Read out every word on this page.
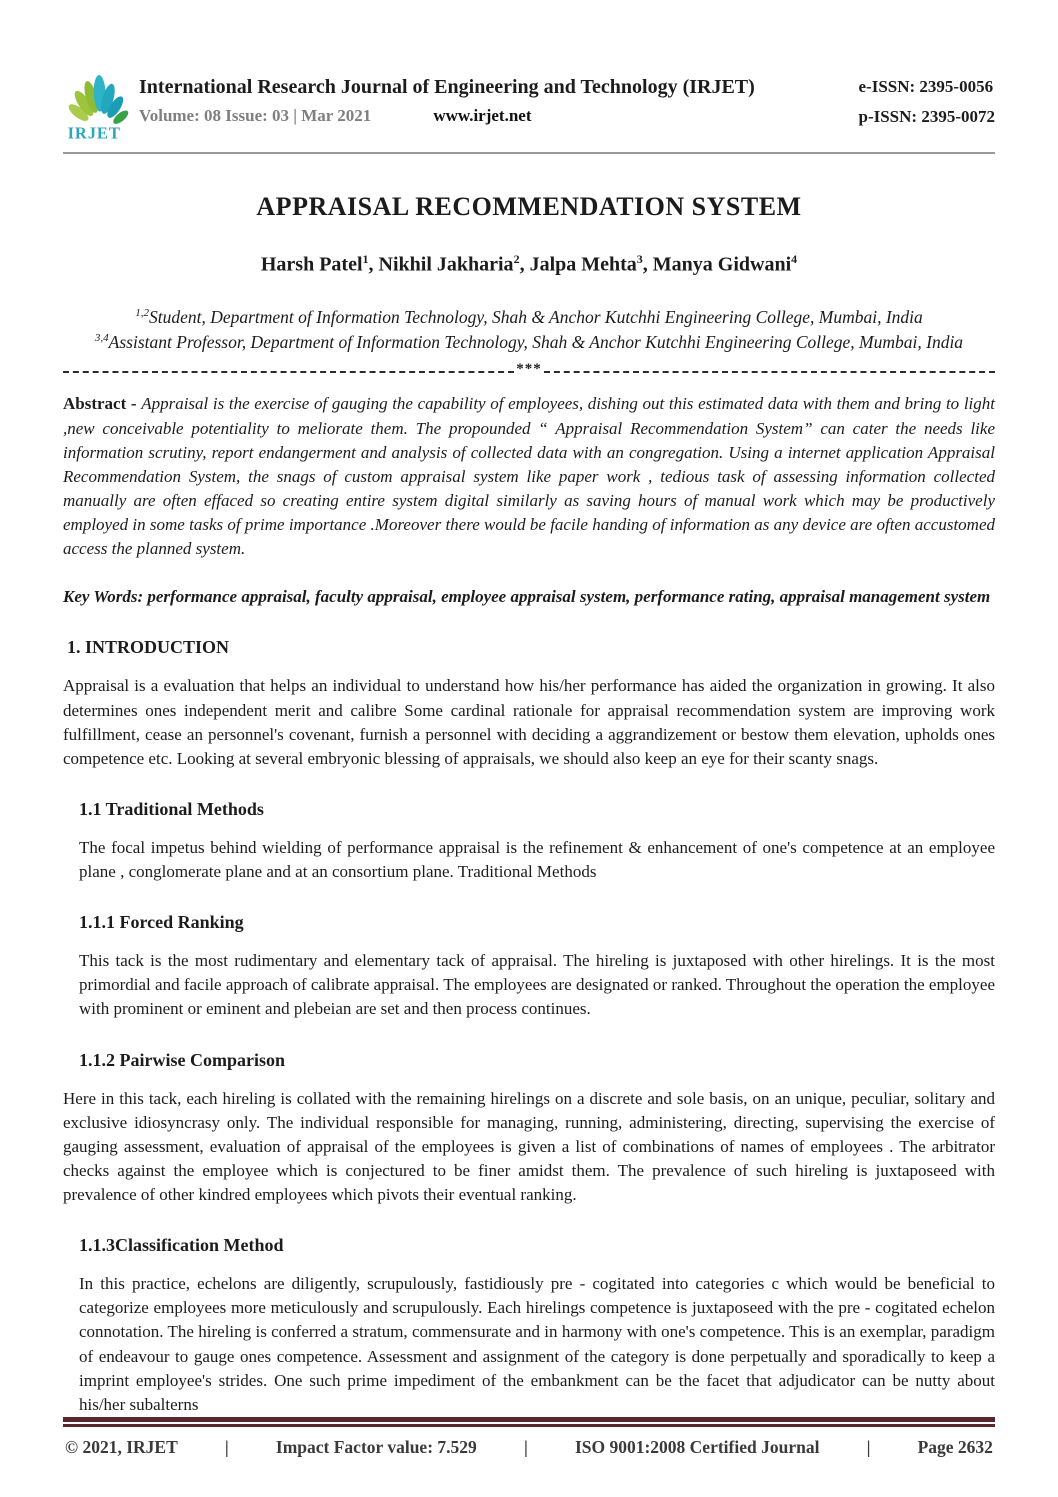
IRJET
International Research Journal of Engineering and Technology (IRJET)
Volume: 08 Issue: 03 | Mar 2021	www.irjet.net
e-ISSN: 2395-0056
p-ISSN: 2395-0072
APPRAISAL RECOMMENDATION SYSTEM
Harsh Patel$^1$, Nikhil Jakharia$^2$, Jalpa Mehta$^3$, Manya Gidwani$^4$
$^{1,2}$Student, Department of Information Technology, Shah & Anchor Kutchhi Engineering College, Mumbai, India
$^{3,4}$Assistant Professor, Department of Information Technology, Shah & Anchor Kutchhi Engineering College, Mumbai, India
***

Abstract - Appraisal is the exercise of gauging the capability of employees, dishing out this estimated data with them and bring to light ,new conceivable potentiality to meliorate them. The propounded “ Appraisal Recommendation System” can cater the needs like information scrutiny, report endangerment and analysis of collected data with an congregation. Using a internet application Appraisal Recommendation System, the snags of custom appraisal system like paper work , tedious task of assessing information collected manually are often effaced so creating entire system digital similarly as saving hours of manual work which may be productively employed in some tasks of prime importance .Moreover there would be facile handing of information as any device are often accustomed access the planned system.

Key Words: performance appraisal, faculty appraisal, employee appraisal system, performance rating, appraisal management system

1. INTRODUCTION

Appraisal is a evaluation that helps an individual to understand how his/her performance has aided the organization in growing. It also determines ones independent merit and calibre Some cardinal rationale for appraisal recommendation system are improving work fulfillment, cease an personnel's covenant, furnish a personnel with deciding a aggrandizement or bestow them elevation, upholds ones competence etc. Looking at several embryonic blessing of appraisals, we should also keep an eye for their scanty snags.

1.1 Traditional Methods

The focal impetus behind wielding of performance appraisal is the refinement & enhancement of one's competence at an employee plane , conglomerate plane and at an consortium plane. Traditional Methods

1.1.1 Forced Ranking

This tack is the most rudimentary and elementary tack of appraisal. The hireling is juxtaposed with other hirelings. It is the most primordial and facile approach of calibrate appraisal. The employees are designated or ranked. Throughout the operation the employee with prominent or eminent and plebeian are set and then process continues.

1.1.2 Pairwise Comparison

Here in this tack, each hireling is collated with the remaining hirelings on a discrete and sole basis, on an unique, peculiar, solitary and exclusive idiosyncrasy only. The individual responsible for managing, running, administering, directing, supervising the exercise of gauging assessment, evaluation of appraisal of the employees is given a list of combinations of names of employees . The arbitrator checks against the employee which is conjectured to be finer amidst them. The prevalence of such hireling is juxtaposeed with prevalence of other kindred employees which pivots their eventual ranking.

1.1.3Classification Method

In this practice, echelons are diligently, scrupulously, fastidiously pre - cogitated into categories c which would be beneficial to categorize employees more meticulously and scrupulously. Each hirelings competence is juxtaposeed with the pre - cogitated echelon connotation. The hireling is conferred a stratum, commensurate and in harmony with one's competence. This is an exemplar, paradigm of endeavour to gauge ones competence. Assessment and assignment of the category is done perpetually and sporadically to keep a imprint employee's strides. One such prime impediment of the embankment can be the facet that adjudicator can be nutty about his/her subalterns

© 2021, IRJET	|	Impact Factor value: 7.529	|	ISO 9001:2008 Certified Journal	|	Page 2632
